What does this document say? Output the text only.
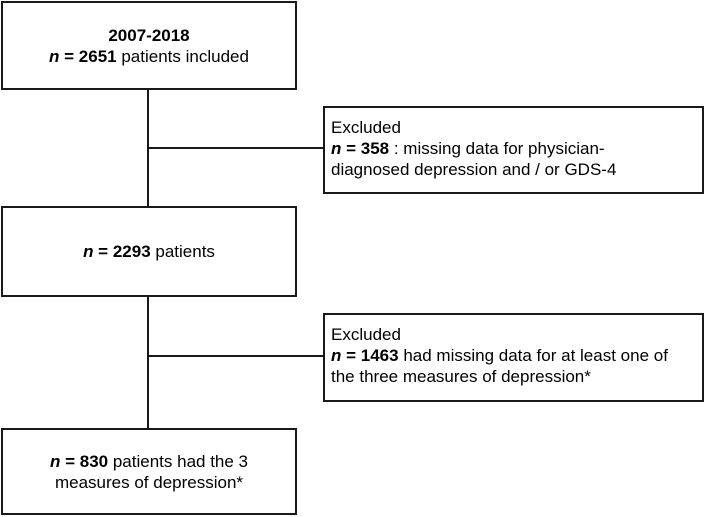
2007-2018
n = 2651 patients included
Excluded
n = 358 : missing data for physician-
diagnosed depression and / or GDS-4
n = 2293 patients
Excluded
n = 1463 had missing data for at least one of
the three measures of depression*
n = 830 patients had the 3
measures of depression*
